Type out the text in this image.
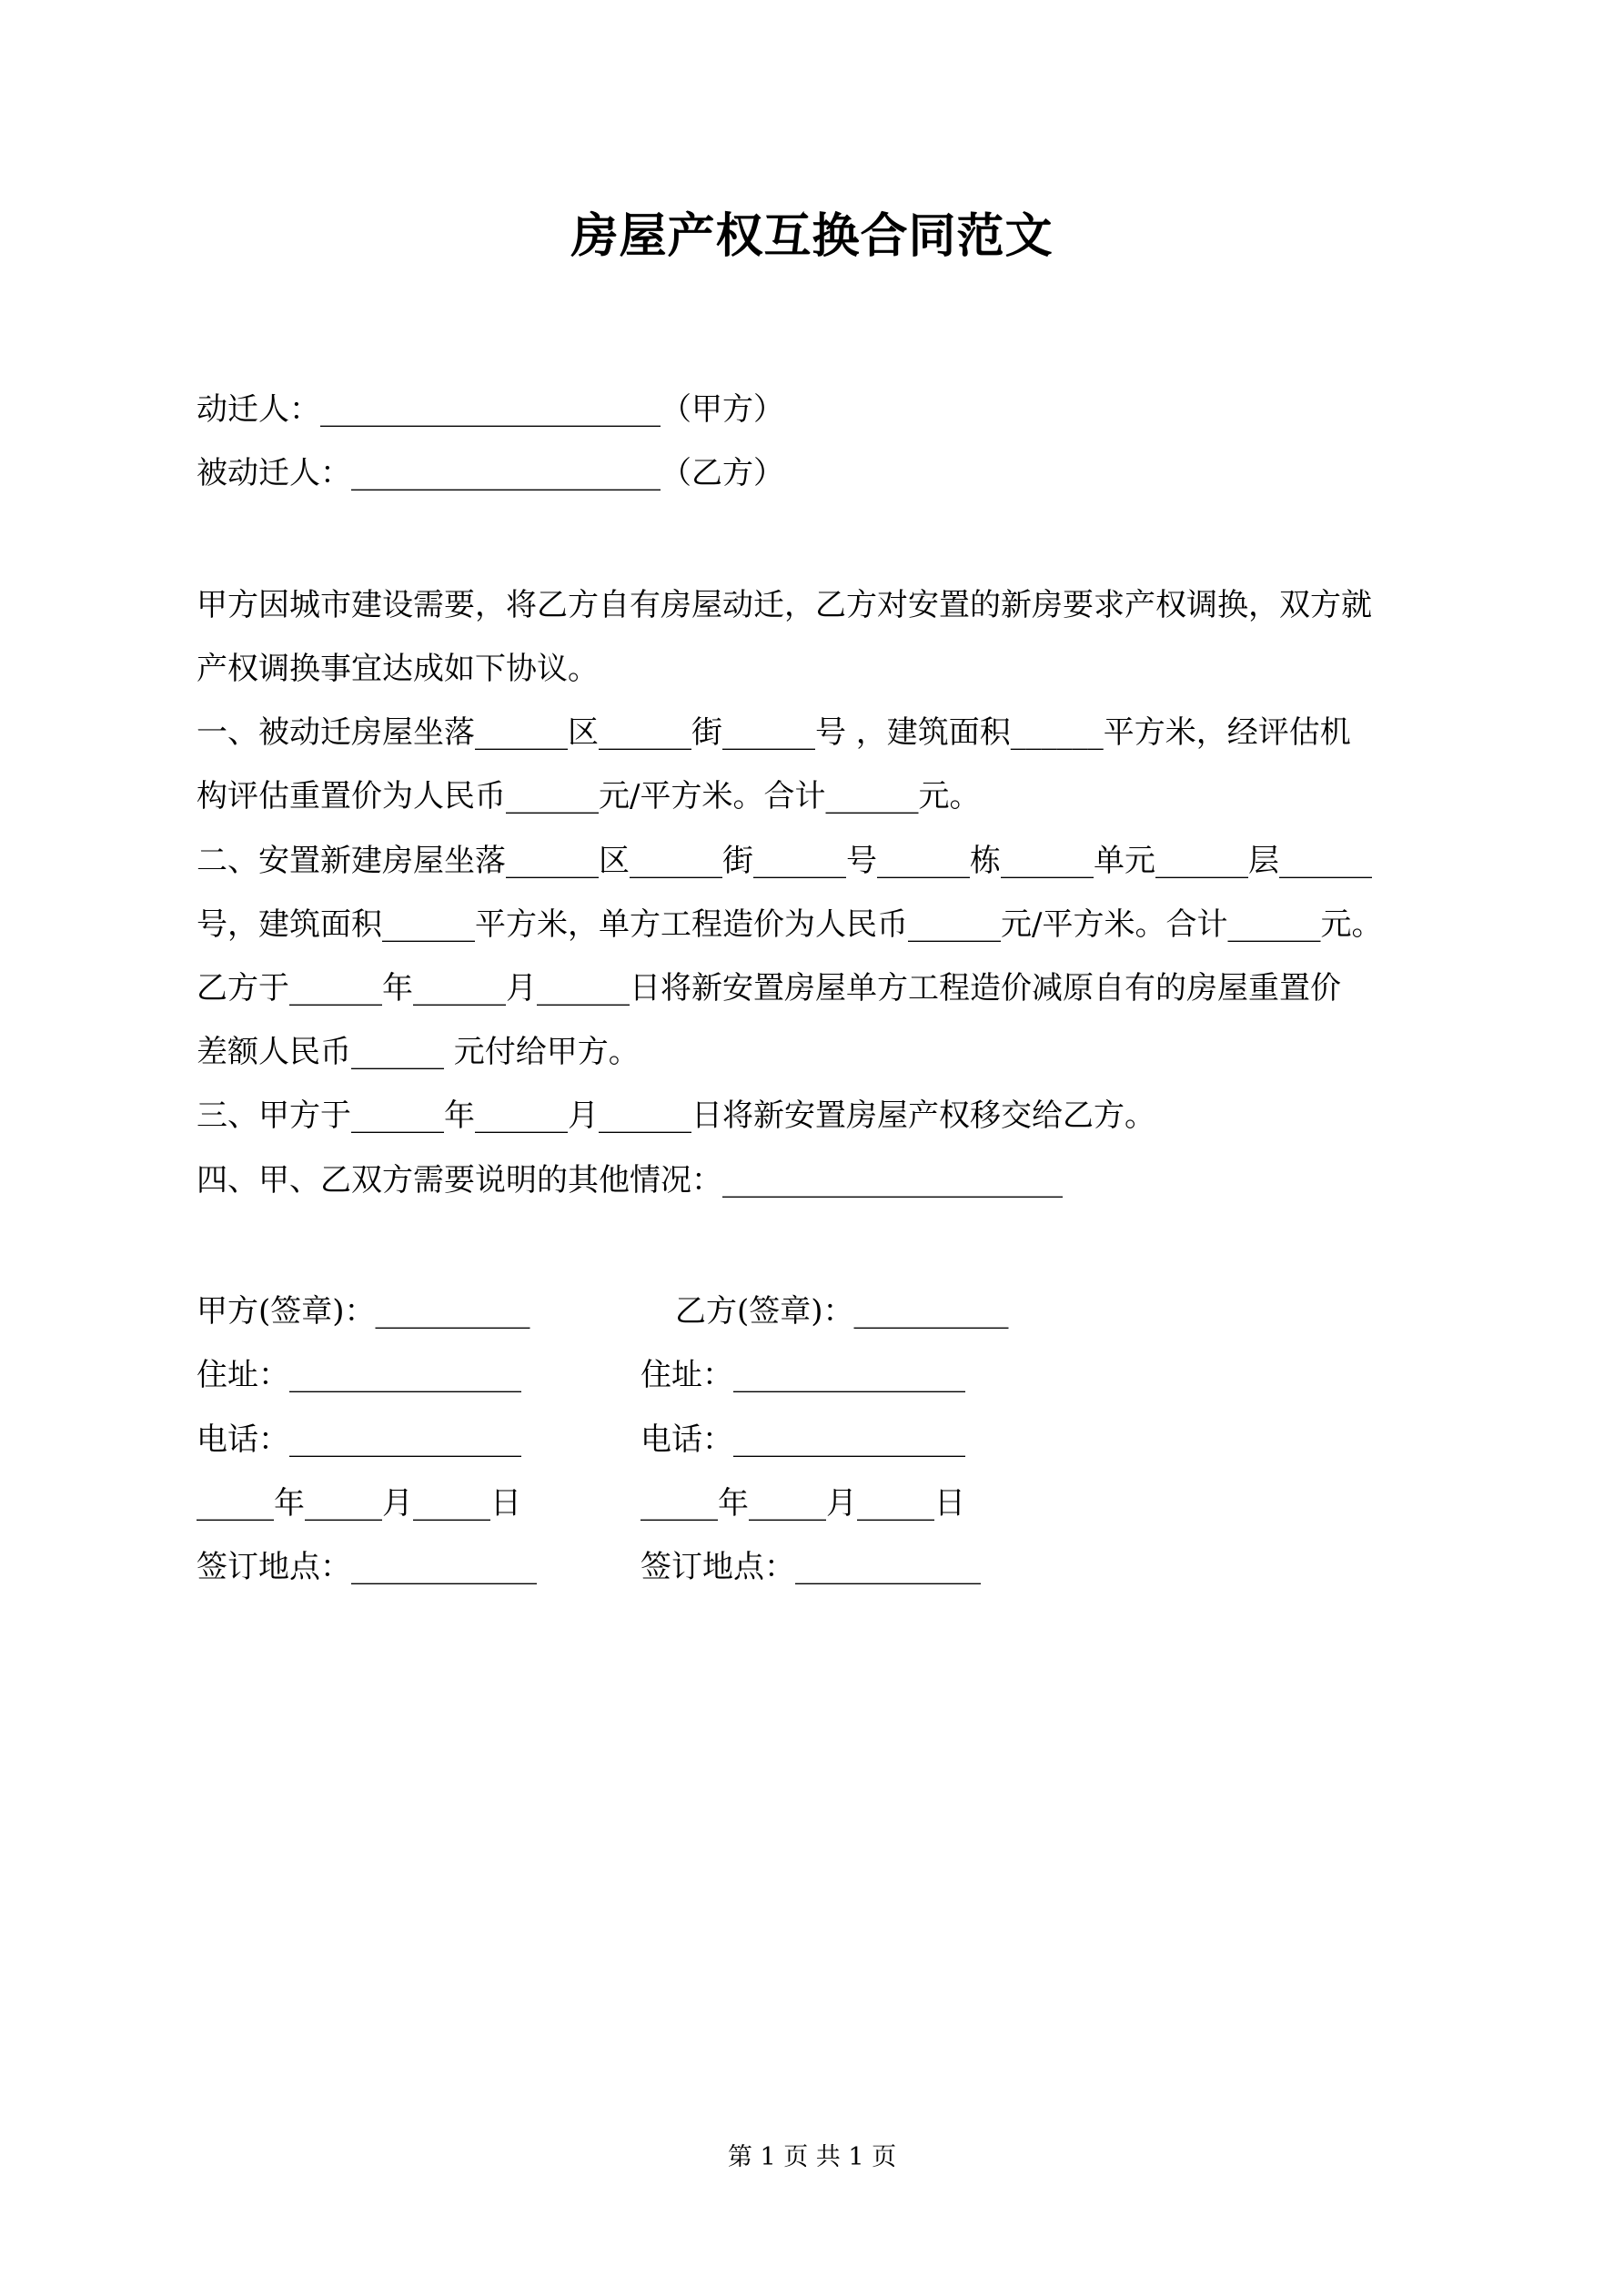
房屋产权互换合同范文
动迁人：______________________（甲方）
被动迁人：____________________（乙方）
甲方因城市建设需要，将乙方自有房屋动迁，乙方对安置的新房要求产权调换，双方就
产权调换事宜达成如下协议。
一、被动迁房屋坐落______区______街______号 ，建筑面积______平方米，经评估机
构评估重置价为人民币______元/平方米。合计______元。
二、安置新建房屋坐落______区______街______号______栋______单元______层______
号，建筑面积______平方米，单方工程造价为人民币______元/平方米。合计______元。
乙方于______年______月______日将新安置房屋单方工程造价减原自有的房屋重置价
差额人民币______ 元付给甲方。
三、甲方于______年______月______日将新安置房屋产权移交给乙方。
四、甲、乙双方需要说明的其他情况：______________________
甲方(签章)：__________
住址：_______________
电话：_______________
_____年_____月_____日
签订地点：____________
乙方(签章)：__________
住址：_______________
电话：_______________
_____年_____月_____日
签订地点：____________
第 1 页 共 1 页
